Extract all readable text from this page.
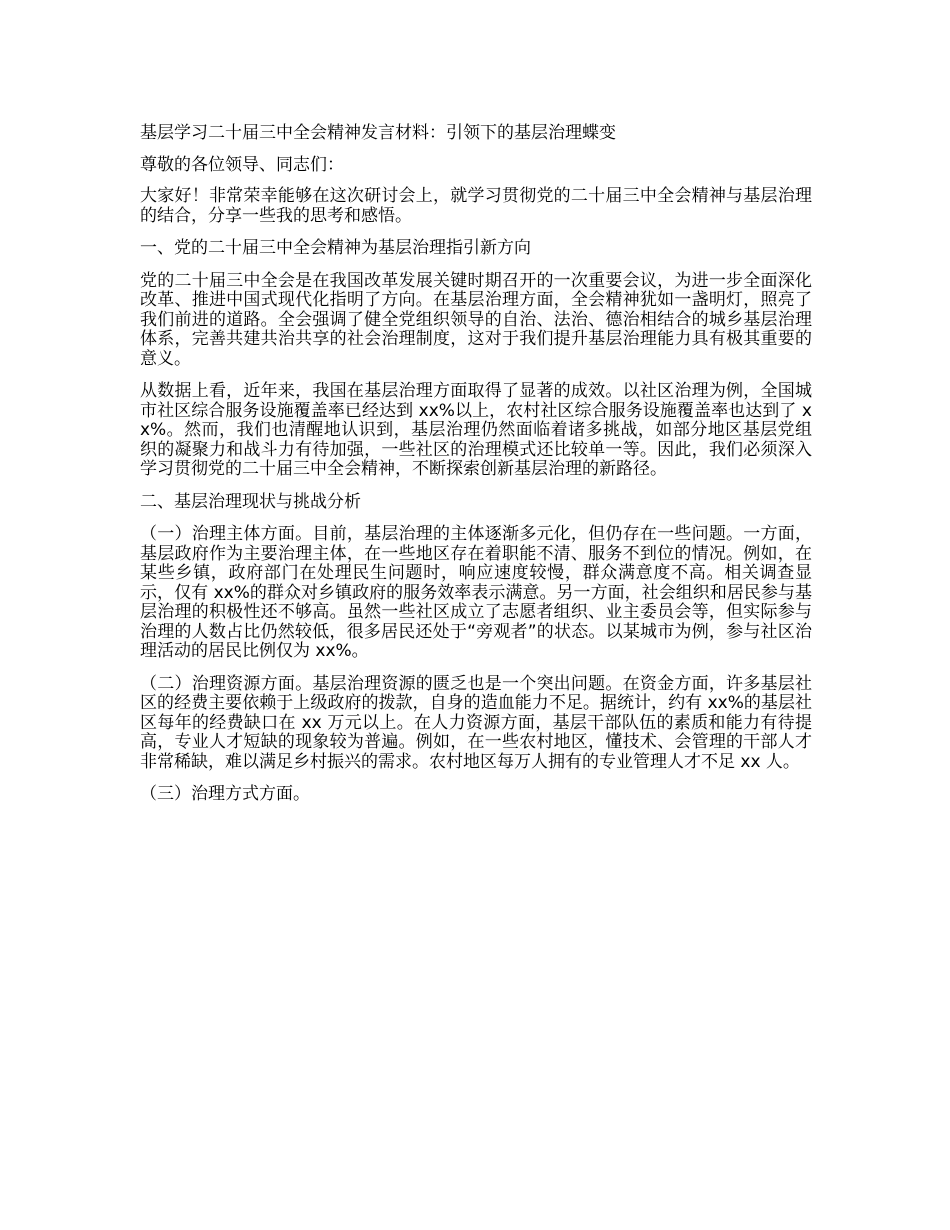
基层学习二十届三中全会精神发言材料：引领下的基层治理蝶变

尊敬的各位领导、同志们：

大家好！非常荣幸能够在这次研讨会上，就学习贯彻党的二十届三中全会精神与基层治理的结合，分享一些我的思考和感悟。

一、党的二十届三中全会精神为基层治理指引新方向

党的二十届三中全会是在我国改革发展关键时期召开的一次重要会议，为进一步全面深化改革、推进中国式现代化指明了方向。在基层治理方面，全会精神犹如一盏明灯，照亮了我们前进的道路。全会强调了健全党组织领导的自治、法治、德治相结合的城乡基层治理体系，完善共建共治共享的社会治理制度，这对于我们提升基层治理能力具有极其重要的意义。

从数据上看，近年来，我国在基层治理方面取得了显著的成效。以社区治理为例，全国城市社区综合服务设施覆盖率已经达到 xx%以上，农村社区综合服务设施覆盖率也达到了 xx%。然而，我们也清醒地认识到，基层治理仍然面临着诸多挑战，如部分地区基层党组织的凝聚力和战斗力有待加强，一些社区的治理模式还比较单一等。因此，我们必须深入学习贯彻党的二十届三中全会精神，不断探索创新基层治理的新路径。

二、基层治理现状与挑战分析

（一）治理主体方面。目前，基层治理的主体逐渐多元化，但仍存在一些问题。一方面，基层政府作为主要治理主体，在一些地区存在着职能不清、服务不到位的情况。例如，在某些乡镇，政府部门在处理民生问题时，响应速度较慢，群众满意度不高。相关调查显示，仅有 xx%的群众对乡镇政府的服务效率表示满意。另一方面，社会组织和居民参与基层治理的积极性还不够高。虽然一些社区成立了志愿者组织、业主委员会等，但实际参与治理的人数占比仍然较低，很多居民还处于“旁观者”的状态。以某城市为例，参与社区治理活动的居民比例仅为 xx%。

（二）治理资源方面。基层治理资源的匮乏也是一个突出问题。在资金方面，许多基层社区的经费主要依赖于上级政府的拨款，自身的造血能力不足。据统计，约有 xx%的基层社区每年的经费缺口在 xx 万元以上。在人力资源方面，基层干部队伍的素质和能力有待提高，专业人才短缺的现象较为普遍。例如，在一些农村地区，懂技术、会管理的干部人才非常稀缺，难以满足乡村振兴的需求。农村地区每万人拥有的专业管理人才不足 xx 人。

（三）治理方式方面。
